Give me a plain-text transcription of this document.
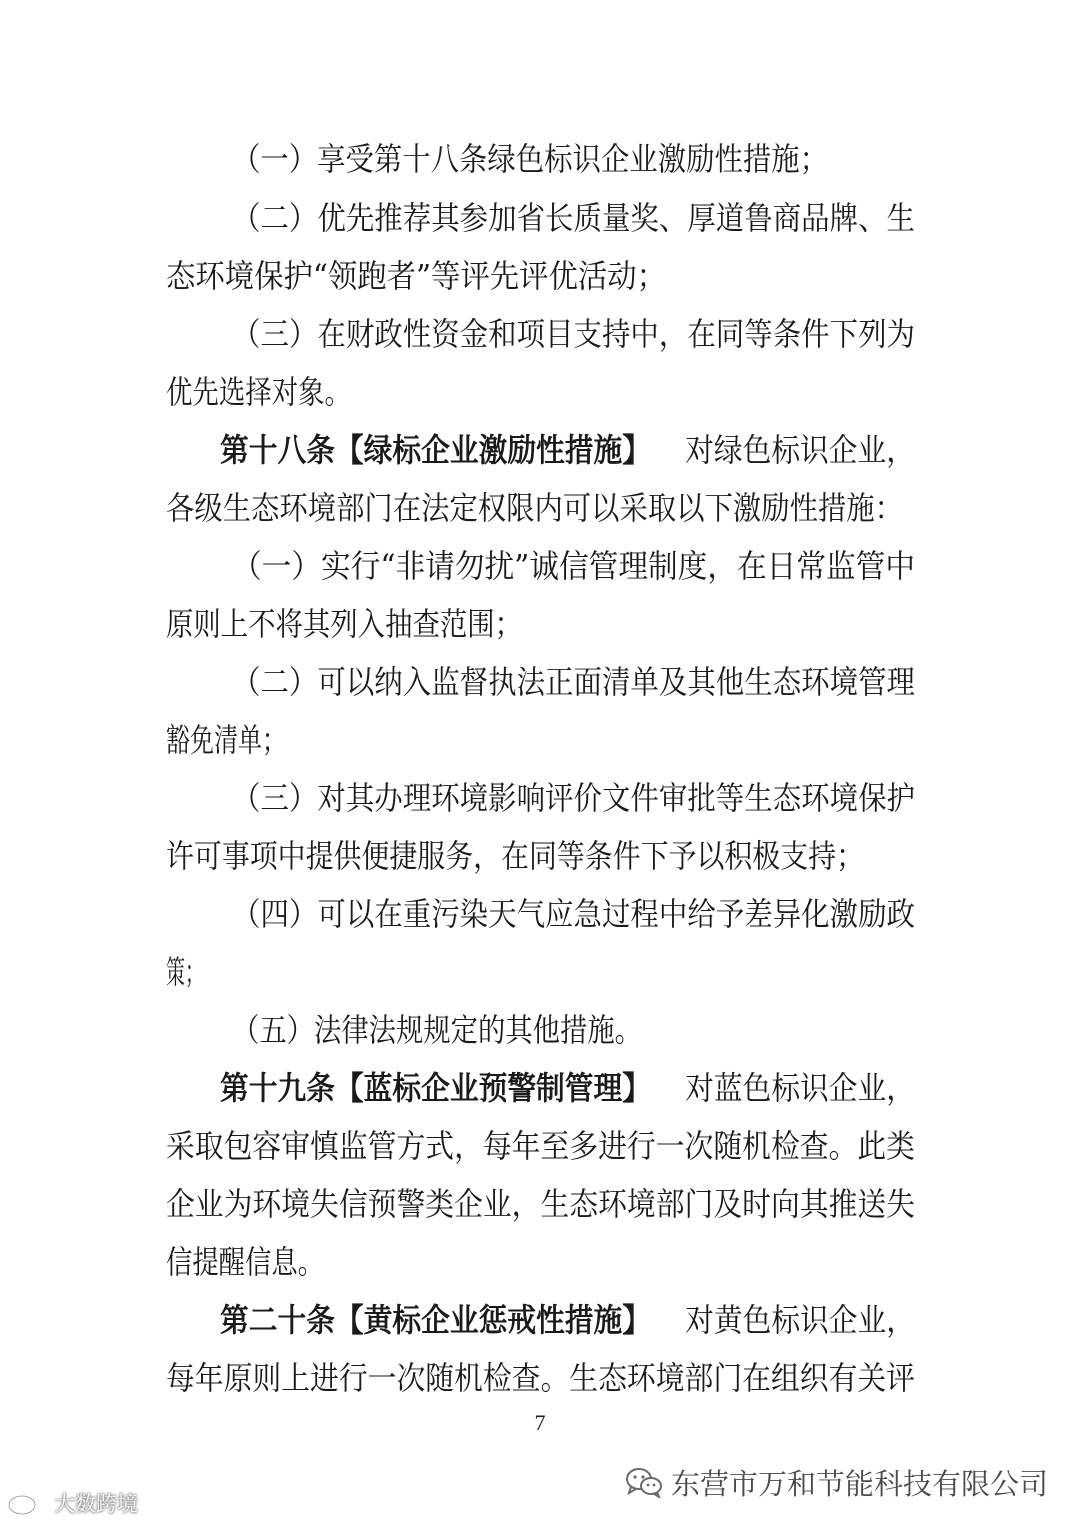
（一）享受第十八条绿色标识企业激励性措施；
（二）优先推荐其参加省长质量奖、厚道鲁商品牌、生
态环境保护“领跑者”等评先评优活动；
（三）在财政性资金和项目支持中，在同等条件下列为
优先选择对象。
第十八条【绿标企业激励性措施】 对绿色标识企业，
各级生态环境部门在法定权限内可以采取以下激励性措施：
（一）实行“非请勿扰”诚信管理制度，在日常监管中
原则上不将其列入抽查范围；
（二）可以纳入监督执法正面清单及其他生态环境管理
豁免清单；
（三）对其办理环境影响评价文件审批等生态环境保护
许可事项中提供便捷服务，在同等条件下予以积极支持；
（四）可以在重污染天气应急过程中给予差异化激励政
策；
（五）法律法规规定的其他措施。
第十九条【蓝标企业预警制管理】 对蓝色标识企业，
采取包容审慎监管方式，每年至多进行一次随机检查。此类
企业为环境失信预警类企业，生态环境部门及时向其推送失
信提醒信息。
第二十条【黄标企业惩戒性措施】 对黄色标识企业，
每年原则上进行一次随机检查。生态环境部门在组织有关评
7
东营市万和节能科技有限公司
大数跨境
